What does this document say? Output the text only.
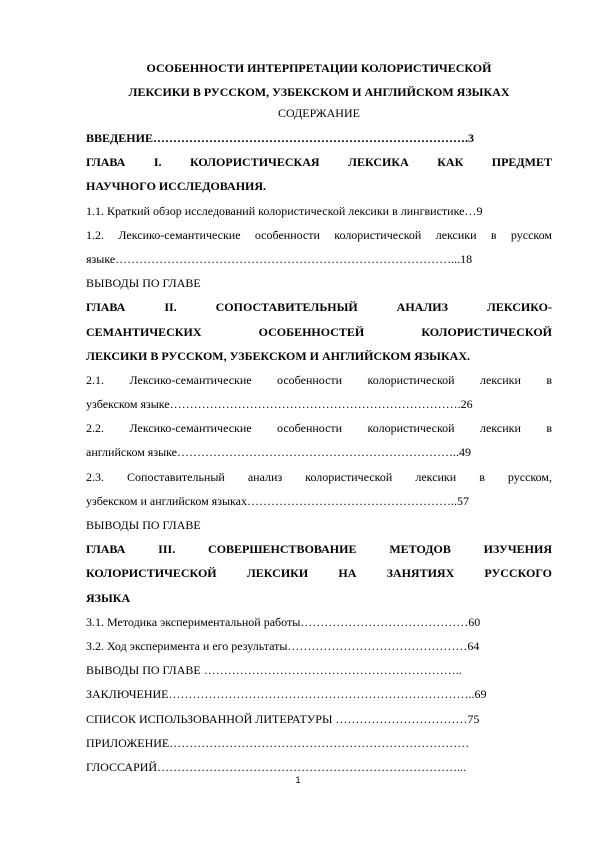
ОСОБЕННОСТИ ИНТЕРПРЕТАЦИИ КОЛОРИСТИЧЕСКОЙ
ЛЕКСИКИ В РУССКОМ, УЗБЕКСКОМ И АНГЛИЙСКОМ ЯЗЫКАХ
СОДЕРЖАНИЕ
ВВЕДЕНИЕ…………………………………………………………………….3
ГЛАВА I. КОЛОРИСТИЧЕСКАЯ ЛЕКСИКА КАК ПРЕДМЕТ
НАУЧНОГО ИССЛЕДОВАНИЯ.
1.1. Краткий обзор исследований колористической лексики в лингвистике…9
1.2. Лексико-семантические особенности колористической лексики в русском
языке…………………………………………………………………………...18
ВЫВОДЫ ПО ГЛАВЕ
ГЛАВА II. СОПОСТАВИТЕЛЬНЫЙ АНАЛИЗ ЛЕКСИКО-
СЕМАНТИЧЕСКИХ ОСОБЕННОСТЕЙ КОЛОРИСТИЧЕСКОЙ
ЛЕКСИКИ В РУССКОМ, УЗБЕКСКОМ И АНГЛИЙСКОМ ЯЗЫКАХ.
2.1. Лексико-семантические особенности колористической лексики в
узбекском языке……………………………………………………………….26
2.2. Лексико-семантические особенности колористической лексики в
английском языке……………………………………………………………..49
2.3. Сопоставительный анализ колористической лексики в русском,
узбекском и английском языках……………………………………………..57
ВЫВОДЫ ПО ГЛАВЕ
ГЛАВА III. СОВЕРШЕНСТВОВАНИЕ МЕТОДОВ ИЗУЧЕНИЯ
КОЛОРИСТИЧЕСКОЙ ЛЕКСИКИ НА ЗАНЯТИЯХ РУССКОГО
ЯЗЫКА
3.1. Методика экспериментальной работы……………………………………60
3.2. Ход эксперимента и его результаты………………………………………64
ВЫВОДЫ ПО ГЛАВЕ ………………………………………………………..
ЗАКЛЮЧЕНИЕ…………………………………………………………………..69
СПИСОК ИСПОЛЬЗОВАННОЙ ЛИТЕРАТУРЫ ……………………………75
ПРИЛОЖЕНИЕ…………………………………………………………………
ГЛОССАРИЙ…………………………………………………………………...
1
